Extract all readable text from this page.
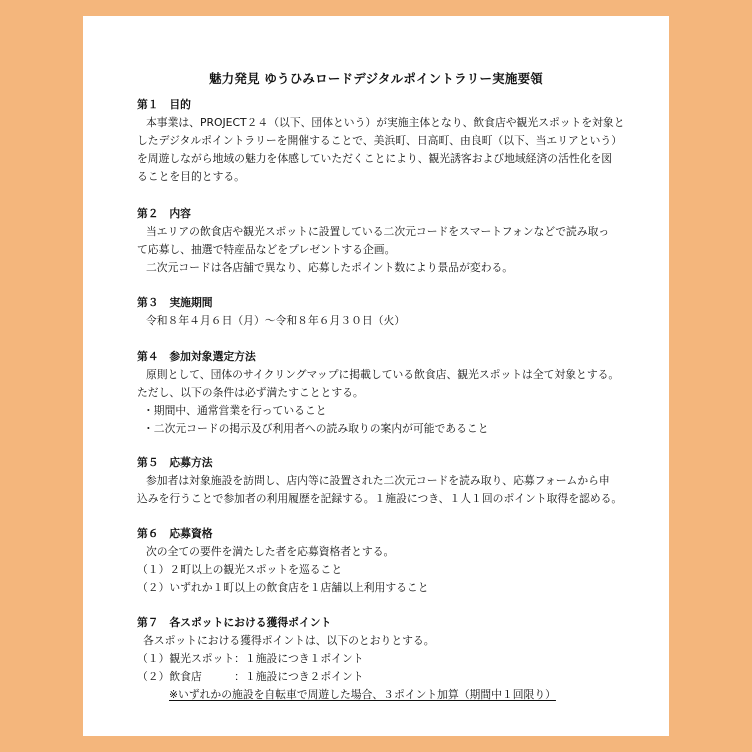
魅力発見 ゆうひみロードデジタルポイントラリー実施要領
第１　目的
本事業は、PROJECT２４（以下、団体という）が実施主体となり、飲食店や観光スポットを対象と
したデジタルポイントラリーを開催することで、美浜町、日高町、由良町（以下、当エリアという）
を周遊しながら地域の魅力を体感していただくことにより、観光誘客および地域経済の活性化を図
ることを目的とする。
第２　内容
当エリアの飲食店や観光スポットに設置している二次元コードをスマートフォンなどで読み取っ
て応募し、抽選で特産品などをプレゼントする企画。
二次元コードは各店舗で異なり、応募したポイント数により景品が変わる。
第３　実施期間
令和８年４月６日（月）〜令和８年６月３０日（火）
第４　参加対象選定方法
原則として、団体のサイクリングマップに掲載している飲食店、観光スポットは全て対象とする。
ただし、以下の条件は必ず満たすこととする。
・期間中、通常営業を行っていること
・二次元コードの掲示及び利用者への読み取りの案内が可能であること
第５　応募方法
参加者は対象施設を訪問し、店内等に設置された二次元コードを読み取り、応募フォームから申
込みを行うことで参加者の利用履歴を記録する。１施設につき、１人１回のポイント取得を認める。
第６　応募資格
次の全ての要件を満たした者を応募資格者とする。
（１）２町以上の観光スポットを巡ること
（２）いずれか１町以上の飲食店を１店舗以上利用すること
第７　各スポットにおける獲得ポイント
各スポットにおける獲得ポイントは、以下のとおりとする。
（１）観光スポット：１施設につき１ポイント
（２）飲食店　　　：１施設につき２ポイント
※いずれかの施設を自転車で周遊した場合、３ポイント加算（期間中１回限り）
